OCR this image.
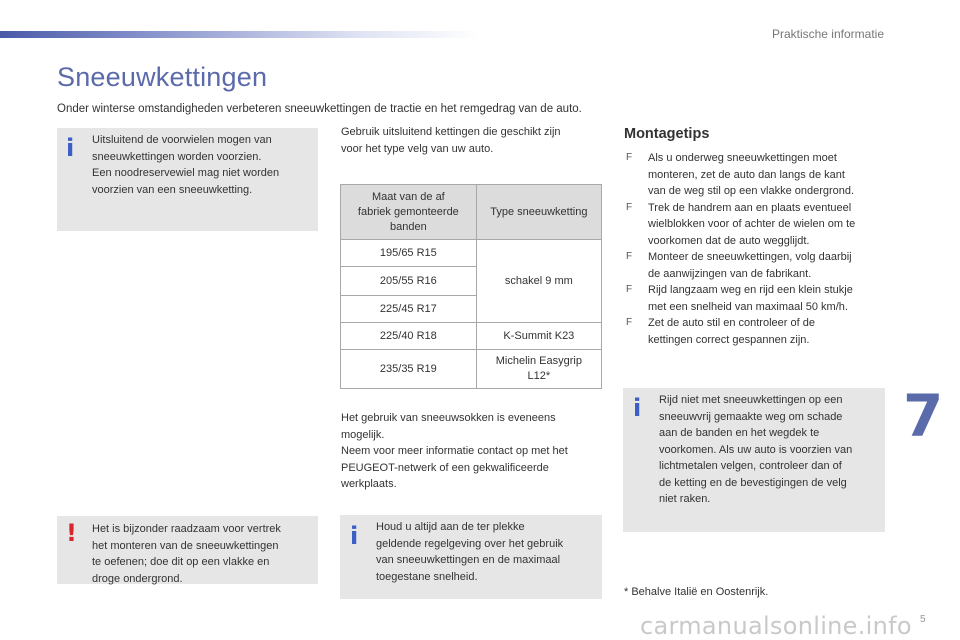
Praktische informatie
Sneeuwkettingen
Onder winterse omstandigheden verbeteren sneeuwkettingen de tractie en het remgedrag van de auto.
i Uitsluitend de voorwielen mogen van
sneeuwkettingen worden voorzien.
Een noodreservewiel mag niet worden
voorzien van een sneeuwketting.
! Het is bijzonder raadzaam voor vertrek
het monteren van de sneeuwkettingen
te oefenen; doe dit op een vlakke en
droge ondergrond.
Gebruik uitsluitend kettingen die geschikt zijn
voor het type velg van uw auto.
Maat van de af
fabriek gemonteerde
banden	Type sneeuwketting
195/65 R15	schakel 9 mm
205/55 R16	
225/45 R17	
225/40 R18	K-Summit K23
235/35 R19	Michelin Easygrip
L12*
Het gebruik van sneeuwsokken is eveneens
mogelijk.
Neem voor meer informatie contact op met het
PEUGEOT-netwerk of een gekwalificeerde
werkplaats.
i Houd u altijd aan de ter plekke
geldende regelgeving over het gebruik
van sneeuwkettingen en de maximaal
toegestane snelheid.
Montagetips
F Als u onderweg sneeuwkettingen moet
monteren, zet de auto dan langs de kant
van de weg stil op een vlakke ondergrond.
F Trek de handrem aan en plaats eventueel
wielblokken voor of achter de wielen om te
voorkomen dat de auto wegglijdt.
F Monteer de sneeuwkettingen, volg daarbij
de aanwijzingen van de fabrikant.
F Rijd langzaam weg en rijd een klein stukje
met een snelheid van maximaal 50 km/h.
F Zet de auto stil en controleer of de
kettingen correct gespannen zijn.
i Rijd niet met sneeuwkettingen op een
sneeuwvrij gemaakte weg om schade
aan de banden en het wegdek te
voorkomen. Als uw auto is voorzien van
lichtmetalen velgen, controleer dan of
de ketting en de bevestigingen de velg
niet raken.
7
* Behalve Italië en Oostenrijk.
carmanualsonline.info 5
